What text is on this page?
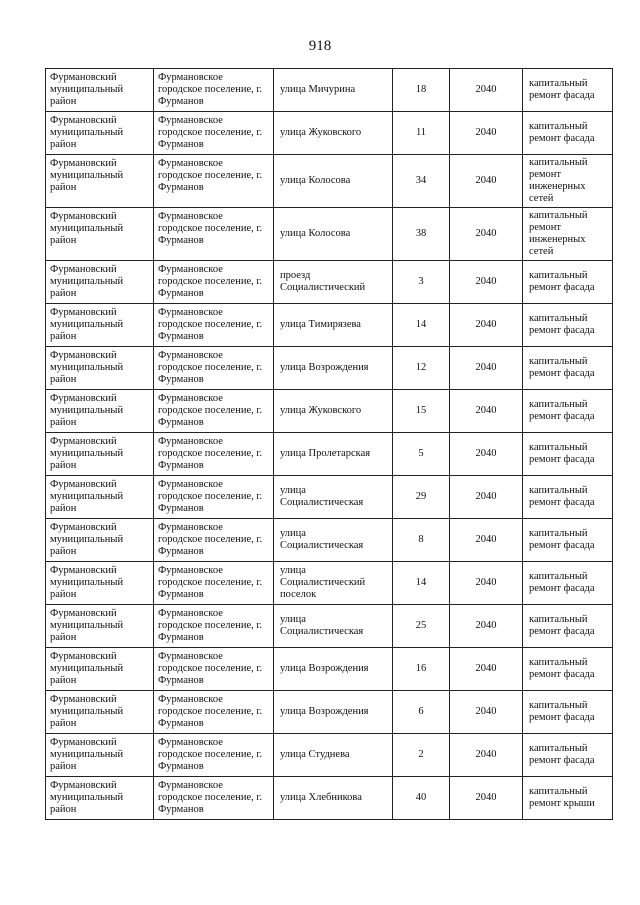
918
Фурмановский муниципальный район	Фурмановское городское поселение, г. Фурманов	улица Мичурина	18	2040	капитальный ремонт фасада
Фурмановский муниципальный район	Фурмановское городское поселение, г. Фурманов	улица Жуковского	11	2040	капитальный ремонт фасада
Фурмановский муниципальный район	Фурмановское городское поселение, г. Фурманов	улица Колосова	34	2040	капитальный ремонт инженерных сетей
Фурмановский муниципальный район	Фурмановское городское поселение, г. Фурманов	улица Колосова	38	2040	капитальный ремонт инженерных сетей
Фурмановский муниципальный район	Фурмановское городское поселение, г. Фурманов	проезд Социалистический	3	2040	капитальный ремонт фасада
Фурмановский муниципальный район	Фурмановское городское поселение, г. Фурманов	улица Тимирязева	14	2040	капитальный ремонт фасада
Фурмановский муниципальный район	Фурмановское городское поселение, г. Фурманов	улица Возрождения	12	2040	капитальный ремонт фасада
Фурмановский муниципальный район	Фурмановское городское поселение, г. Фурманов	улица Жуковского	15	2040	капитальный ремонт фасада
Фурмановский муниципальный район	Фурмановское городское поселение, г. Фурманов	улица Пролетарская	5	2040	капитальный ремонт фасада
Фурмановский муниципальный район	Фурмановское городское поселение, г. Фурманов	улица Социалистическая	29	2040	капитальный ремонт фасада
Фурмановский муниципальный район	Фурмановское городское поселение, г. Фурманов	улица Социалистическая	8	2040	капитальный ремонт фасада
Фурмановский муниципальный район	Фурмановское городское поселение, г. Фурманов	улица Социалистический поселок	14	2040	капитальный ремонт фасада
Фурмановский муниципальный район	Фурмановское городское поселение, г. Фурманов	улица Социалистическая	25	2040	капитальный ремонт фасада
Фурмановский муниципальный район	Фурмановское городское поселение, г. Фурманов	улица Возрождения	16	2040	капитальный ремонт фасада
Фурмановский муниципальный район	Фурмановское городское поселение, г. Фурманов	улица Возрождения	6	2040	капитальный ремонт фасада
Фурмановский муниципальный район	Фурмановское городское поселение, г. Фурманов	улица Студнева	2	2040	капитальный ремонт фасада
Фурмановский муниципальный район	Фурмановское городское поселение, г. Фурманов	улица Хлебникова	40	2040	капитальный ремонт крыши
